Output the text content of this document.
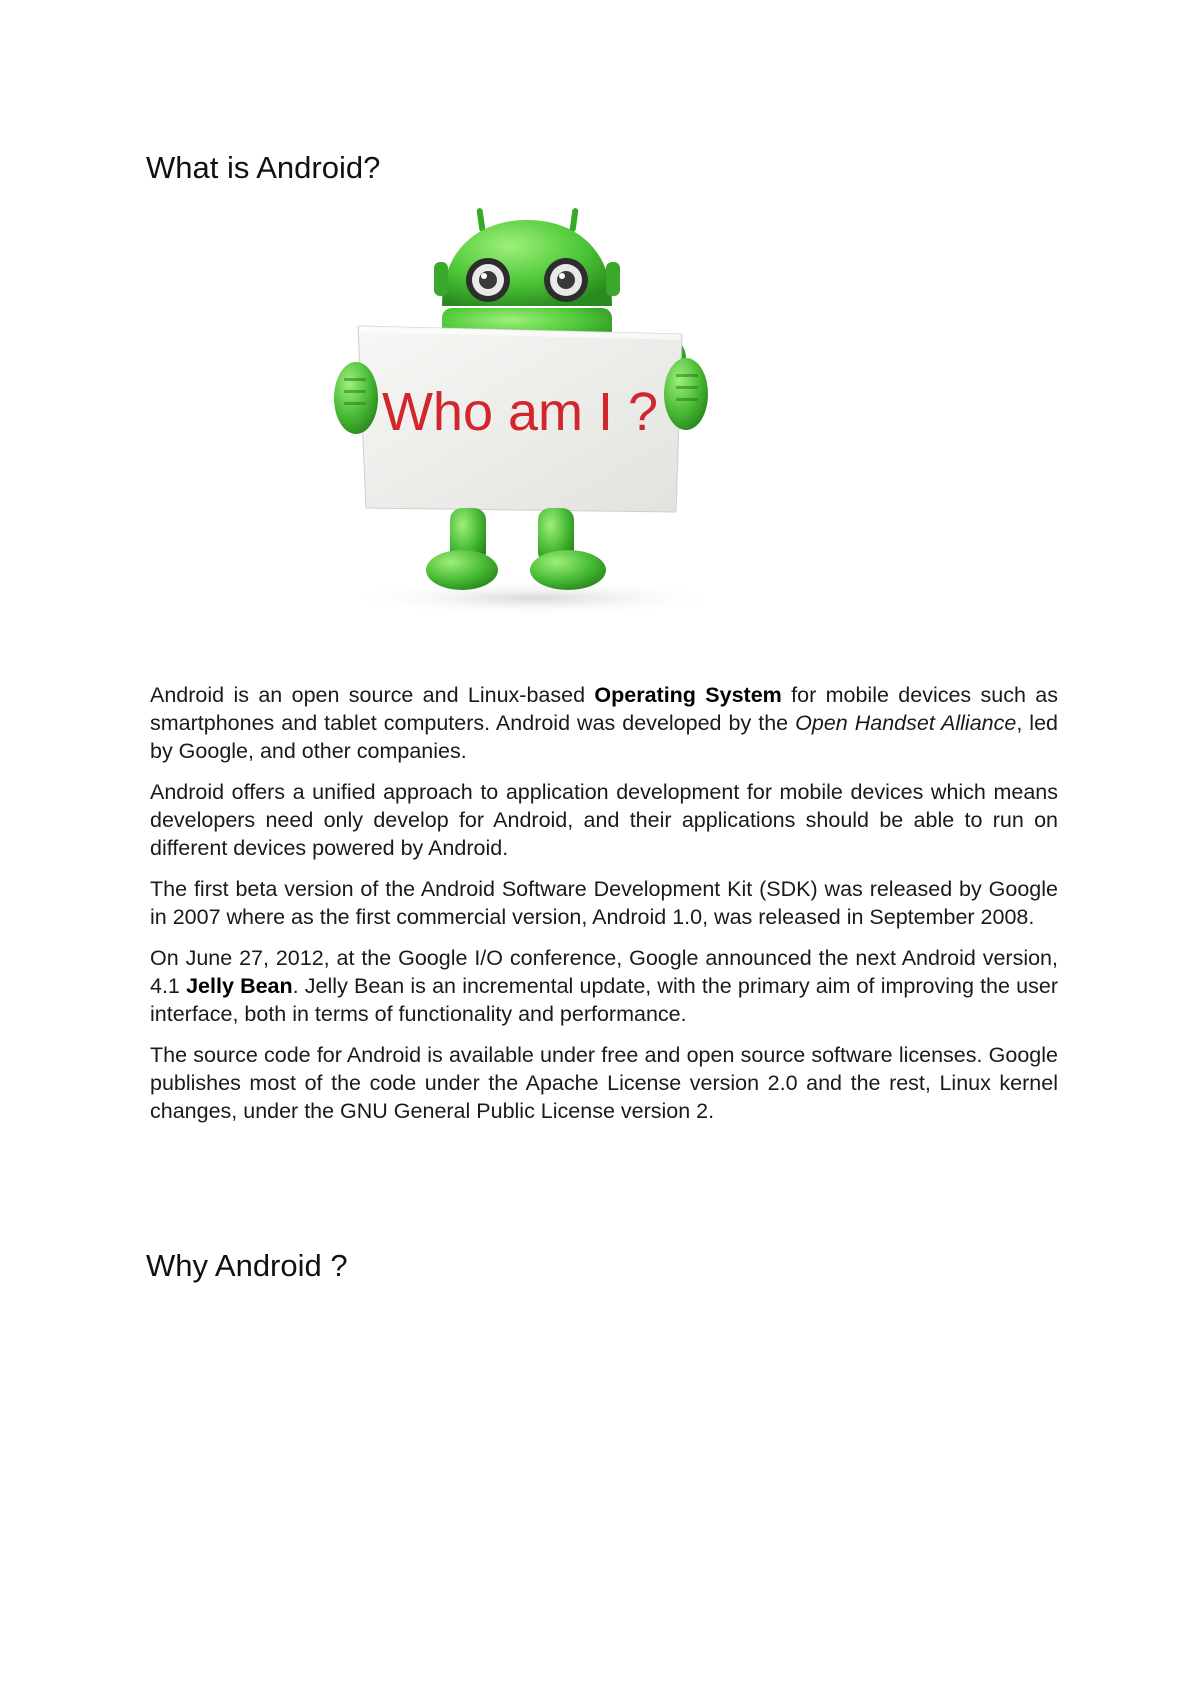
What is Android?
Who am I ?

Android is an open source and Linux-based Operating System for mobile devices such as smartphones and tablet computers. Android was developed by the Open Handset Alliance, led by Google, and other companies.

Android offers a unified approach to application development for mobile devices which means developers need only develop for Android, and their applications should be able to run on different devices powered by Android.

The first beta version of the Android Software Development Kit (SDK) was released by Google in 2007 where as the first commercial version, Android 1.0, was released in September 2008.

On June 27, 2012, at the Google I/O conference, Google announced the next Android version, 4.1 Jelly Bean. Jelly Bean is an incremental update, with the primary aim of improving the user interface, both in terms of functionality and performance.

The source code for Android is available under free and open source software licenses. Google publishes most of the code under the Apache License version 2.0 and the rest, Linux kernel changes, under the GNU General Public License version 2.

Why Android ?
